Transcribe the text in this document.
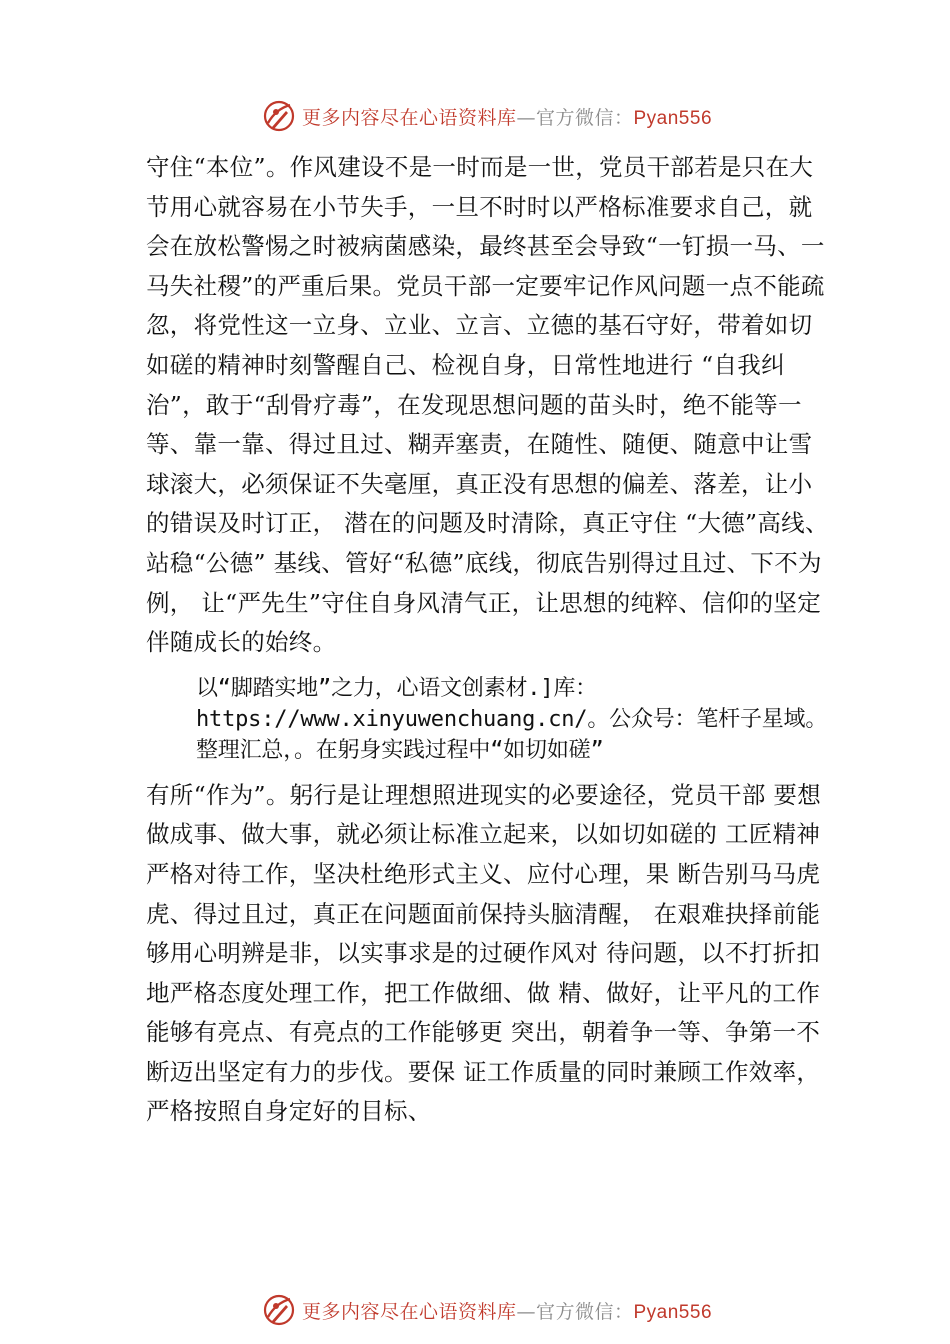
更多内容尽在心语资料库—官方微信：Pyan556

守住“本位”。作风建设不是一时而是一世，党员干部若是只在大节用心就容易在小节失手，一旦不时时以严格标准要求自己，就会在放松警惕之时被病菌感染，最终甚至会导致“一钉损一马、一马失社稷”的严重后果。党员干部一定要牢记作风问题一点不能疏忽，将党性这一立身、立业、立言、立德的基石守好，带着如切如磋的精神时刻警醒自己、检视自身，日常性地进行 “自我纠治”，敢于“刮骨疗毒”，在发现思想问题的苗头时，绝不能等一等、靠一靠、得过且过、糊弄塞责，在随性、随便、随意中让雪球滚大，必须保证不失毫厘，真正没有思想的偏差、落差，让小的错误及时订正， 潜在的问题及时清除，真正守住 “大德”高线、站稳“公德” 基线、管好“私德”底线，彻底告别得过且过、下不为例， 让“严先生”守住自身风清气正，让思想的纯粹、信仰的坚定伴随成长的始终。

以“脚踏实地”之力，心语文创素材.]库：https://www.xinyuwenchuang.cn/。公众号：笔杆子星域。整理汇总，。在躬身实践过程中“如切如磋”

有所“作为”。躬行是让理想照进现实的必要途径，党员干部 要想做成事、做大事，就必须让标准立起来，以如切如磋的 工匠精神严格对待工作，坚决杜绝形式主义、应付心理，果 断告别马马虎虎、得过且过，真正在问题面前保持头脑清醒， 在艰难抉择前能够用心明辨是非，以实事求是的过硬作风对 待问题，以不打折扣地严格态度处理工作，把工作做细、做 精、做好，让平凡的工作能够有亮点、有亮点的工作能够更 突出，朝着争一等、争第一不断迈出坚定有力的步伐。要保 证工作质量的同时兼顾工作效率，严格按照自身定好的目标、

更多内容尽在心语资料库—官方微信：Pyan556
